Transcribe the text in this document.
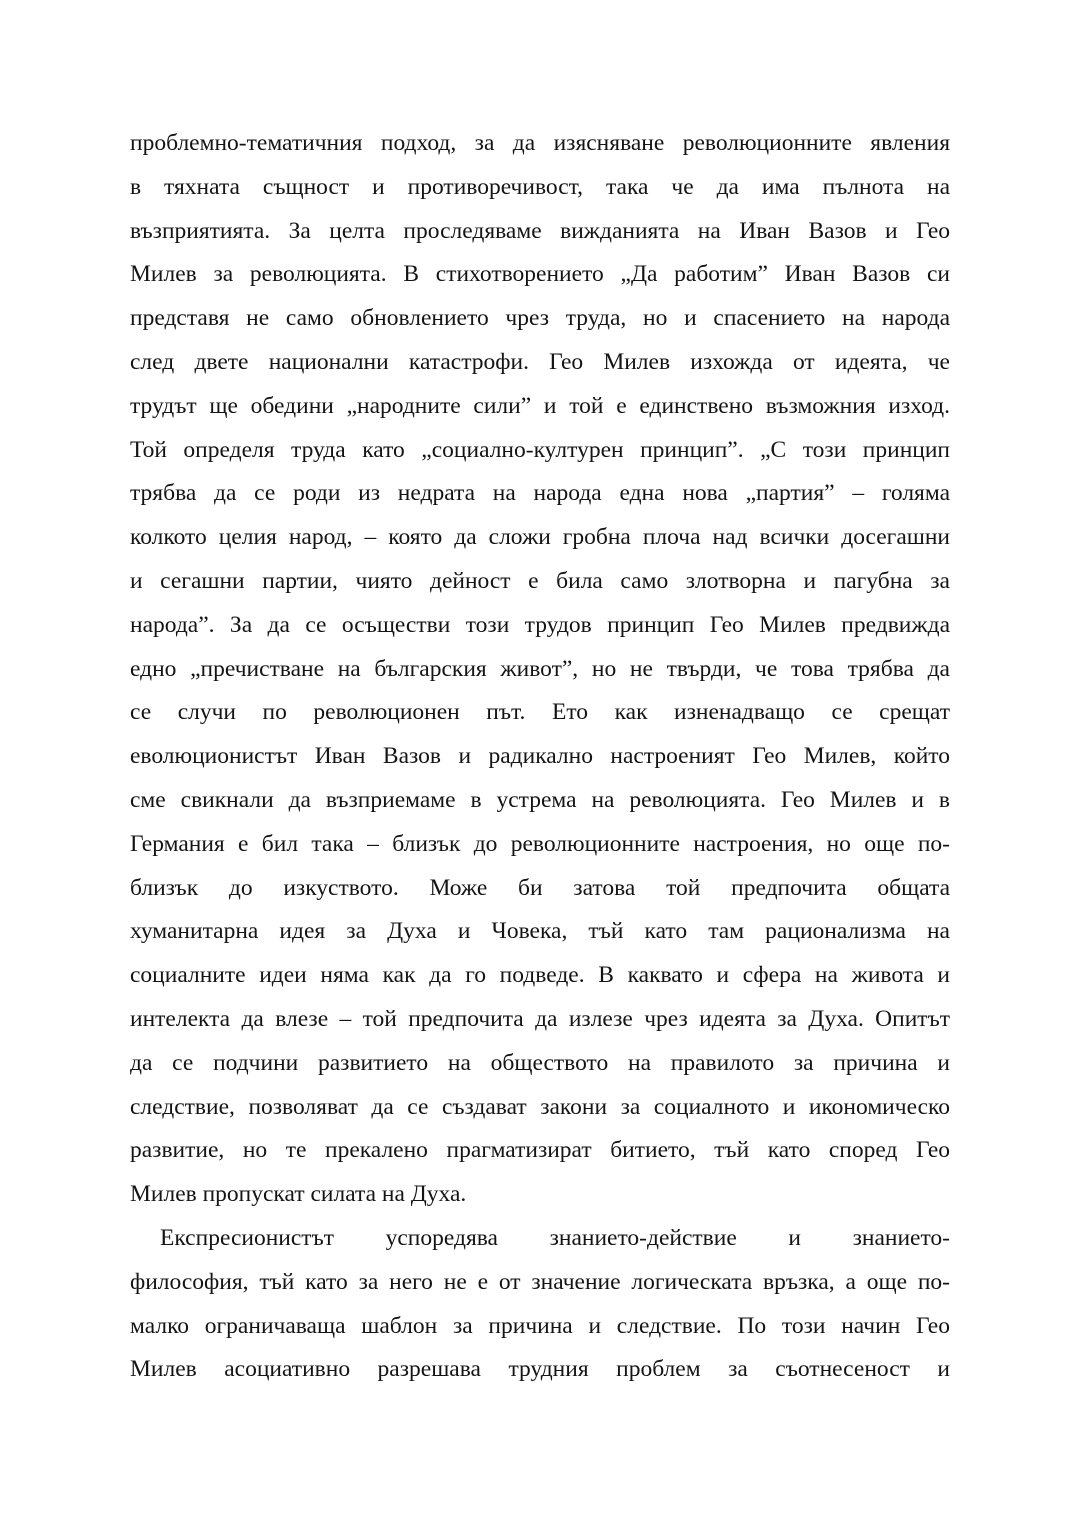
проблемно-тематичния подход, за да изясняване революционните явления
в тяхната същност и противоречивост, така че да има пълнота на
възприятията. За целта проследяваме вижданията на Иван Вазов и Гео
Милев за революцията. В стихотворението „Да работим” Иван Вазов си
представя не само обновлението чрез труда, но и спасението на народа
след двете национални катастрофи. Гео Милев изхожда от идеята, че
трудът ще обедини „народните сили” и той е единствено възможния изход.
Той определя труда като „социално-културен принцип”. „С този принцип
трябва да се роди из недрата на народа една нова „партия” – голяма
колкото целия народ, – която да сложи гробна плоча над всички досегашни
и сегашни партии, чиято дейност е била само злотворна и пагубна за
народа”. За да се осъществи този трудов принцип Гео Милев предвижда
едно „пречистване на българския живот”, но не твърди, че това трябва да
се случи по революционен път. Ето как изненадващо се срещат
еволюционистът Иван Вазов и радикално настроеният Гео Милев, който
сме свикнали да възприемаме в устрема на революцията. Гео Милев и в
Германия е бил така – близък до революционните настроения, но още по-
близък до изкуството. Може би затова той предпочита общата
хуманитарна идея за Духа и Човека, тъй като там рационализма на
социалните идеи няма как да го подведе. В каквато и сфера на живота и
интелекта да влезе – той предпочита да излезе чрез идеята за Духа. Опитът
да се подчини развитието на обществото на правилото за причина и
следствие, позволяват да се създават закони за социалното и икономическо
развитие, но те прекалено прагматизират битието, тъй като според Гео
Милев пропускат силата на Духа.
Експресионистът успоредява знанието-действие и знанието-
философия, тъй като за него не е от значение логическата връзка, а още по-
малко ограничаваща шаблон за причина и следствие. По този начин Гео
Милев асоциативно разрешава трудния проблем за съотнесеност и
